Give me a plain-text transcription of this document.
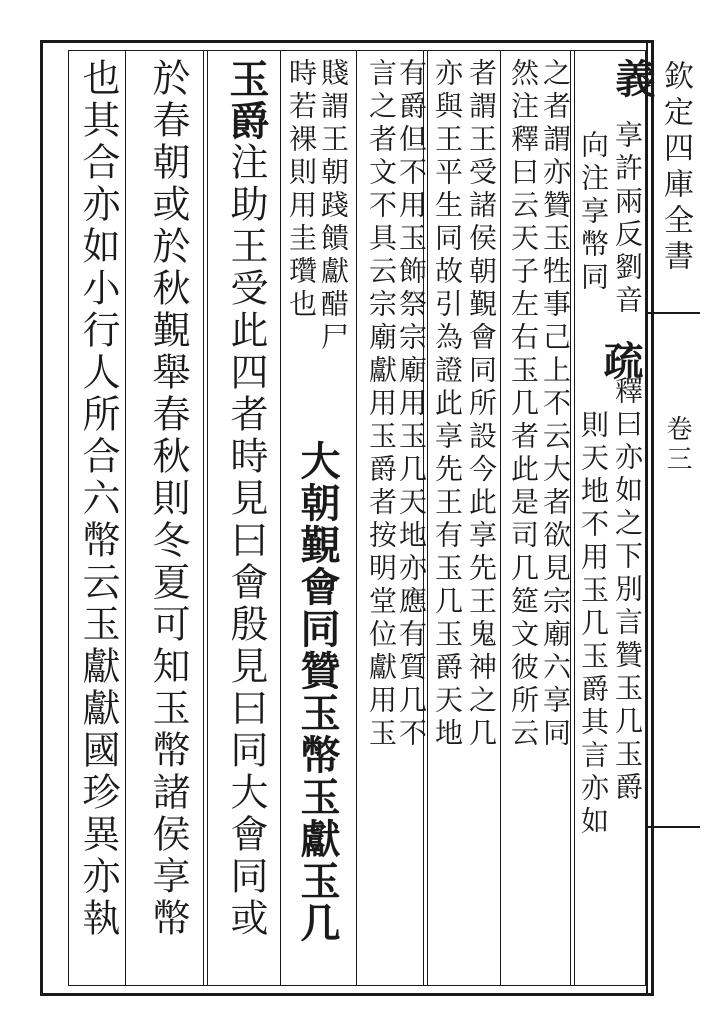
欽定四庫全書
卷三
也其合亦如小行人所合六幣云玉獻獻國珍異亦執 於春朝或於秋覲舉春秋則冬夏可知玉幣諸侯享幣 玉爵注助王受此四者時見曰會殷見曰同大會同或 賤謂王朝踐饋獻醋尸
時若裸則用圭瓚也
大朝覲會同贊玉幣玉獻玉几 言之者文不具云宗廟獻用玉爵者按明堂位獻用玉
有爵但不用玉飾祭宗廟用玉几天地亦應有質几不 亦與王平生同故引為證此享先王有玉几玉爵天地 者謂王受諸侯朝覲會同所設今此享先王鬼神之几 然注釋曰云天子左右玉几者此是司几筵文彼所云 之者謂亦贊玉牲事己上不云大者欲見宗廟六享同 向注享幣同
則天地不用玉几玉爵其言亦如
義
享許兩反劉音
疏
釋曰亦如之下別言贊玉几玉爵
